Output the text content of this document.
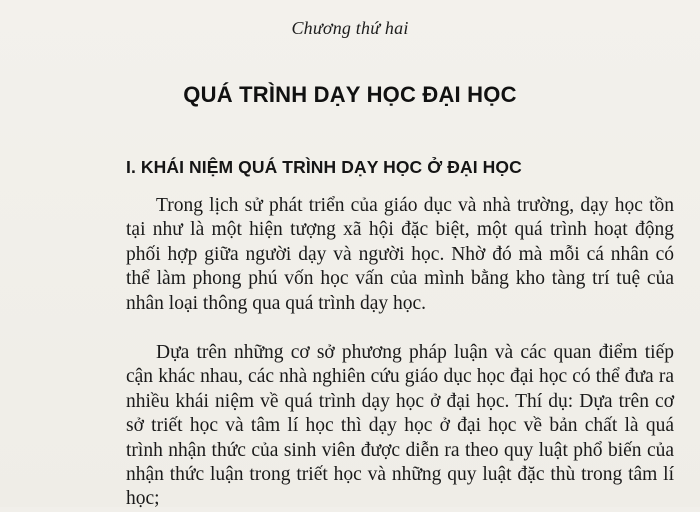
Chương thứ hai
QUÁ TRÌNH DẠY HỌC ĐẠI HỌC
I. KHÁI NIỆM QUÁ TRÌNH DẠY HỌC Ở ĐẠI HỌC

Trong lịch sử phát triển của giáo dục và nhà trường, dạy học tồn tại như là một hiện tượng xã hội đặc biệt, một quá trình hoạt động phối hợp giữa người dạy và người học. Nhờ đó mà mỗi cá nhân có thể làm phong phú vốn học vấn của mình bằng kho tàng trí tuệ của nhân loại thông qua quá trình dạy học.

Dựa trên những cơ sở phương pháp luận và các quan điểm tiếp cận khác nhau, các nhà nghiên cứu giáo dục học đại học có thể đưa ra nhiều khái niệm về quá trình dạy học ở đại học. Thí dụ: Dựa trên cơ sở triết học và tâm lí học thì dạy học ở đại học về bản chất là quá trình nhận thức của sinh viên được diễn ra theo quy luật phổ biến của nhận thức luận trong triết học và những quy luật đặc thù trong tâm lí học;
